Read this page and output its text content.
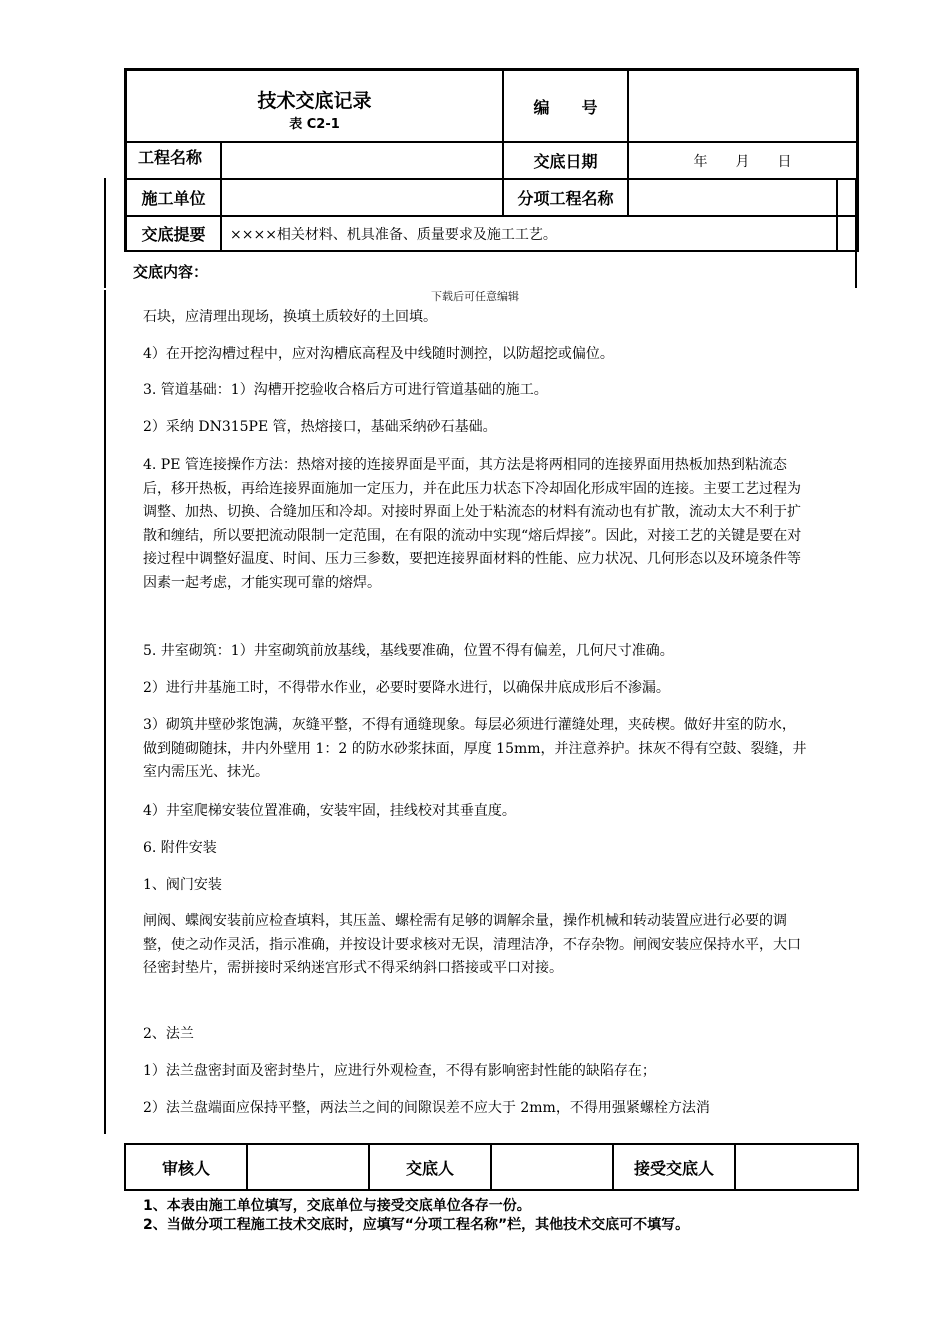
技术交底记录
表 C2-1
编　　号
工程名称	交底日期	年　　月　　日
施工单位	分项工程名称
交底提要	××××相关材料、机具准备、质量要求及施工工艺。
交底内容：
下载后可任意编辑
石块，应清理出现场，换填土质较好的土回填。
4）在开挖沟槽过程中，应对沟槽底高程及中线随时测控，以防超挖或偏位。
3. 管道基础：1）沟槽开挖验收合格后方可进行管道基础的施工。
2）采纳 DN315PE 管，热熔接口，基础采纳砂石基础。
4. PE 管连接操作方法：热熔对接的连接界面是平面，其方法是将两相同的连接界面用热板加热到粘流态后，移开热板，再给连接界面施加一定压力，并在此压力状态下冷却固化形成牢固的连接。主要工艺过程为调整、加热、切换、合缝加压和冷却。对接时界面上处于粘流态的材料有流动也有扩散，流动太大不利于扩散和缠结，所以要把流动限制一定范围，在有限的流动中实现“熔后焊接”。因此，对接工艺的关键是要在对接过程中调整好温度、时间、压力三参数，要把连接界面材料的性能、应力状况、几何形态以及环境条件等因素一起考虑，才能实现可靠的熔焊。
5. 井室砌筑：1）井室砌筑前放基线，基线要准确，位置不得有偏差，几何尺寸准确。
2）进行井基施工时，不得带水作业，必要时要降水进行，以确保井底成形后不渗漏。
3）砌筑井壁砂浆饱满，灰缝平整，不得有通缝现象。每层必须进行灌缝处理，夹砖楔。做好井室的防水，做到随砌随抹，井内外壁用 1：2 的防水砂浆抹面，厚度 15mm，并注意养护。抹灰不得有空鼓、裂缝，井室内需压光、抹光。
4）井室爬梯安装位置准确，安装牢固，挂线校对其垂直度。
6. 附件安装
1、阀门安装
闸阀、蝶阀安装前应检查填料，其压盖、螺栓需有足够的调解余量，操作机械和转动装置应进行必要的调整，使之动作灵活，指示准确，并按设计要求核对无误，清理洁净，不存杂物。闸阀安装应保持水平，大口径密封垫片，需拼接时采纳迷宫形式不得采纳斜口搭接或平口对接。
2、法兰
1）法兰盘密封面及密封垫片，应进行外观检查，不得有影响密封性能的缺陷存在；
2）法兰盘端面应保持平整，两法兰之间的间隙误差不应大于 2mm，不得用强紧螺栓方法消
审核人	交底人	接受交底人
1、本表由施工单位填写，交底单位与接受交底单位各存一份。
2、当做分项工程施工技术交底时，应填写“分项工程名称”栏，其他技术交底可不填写。
